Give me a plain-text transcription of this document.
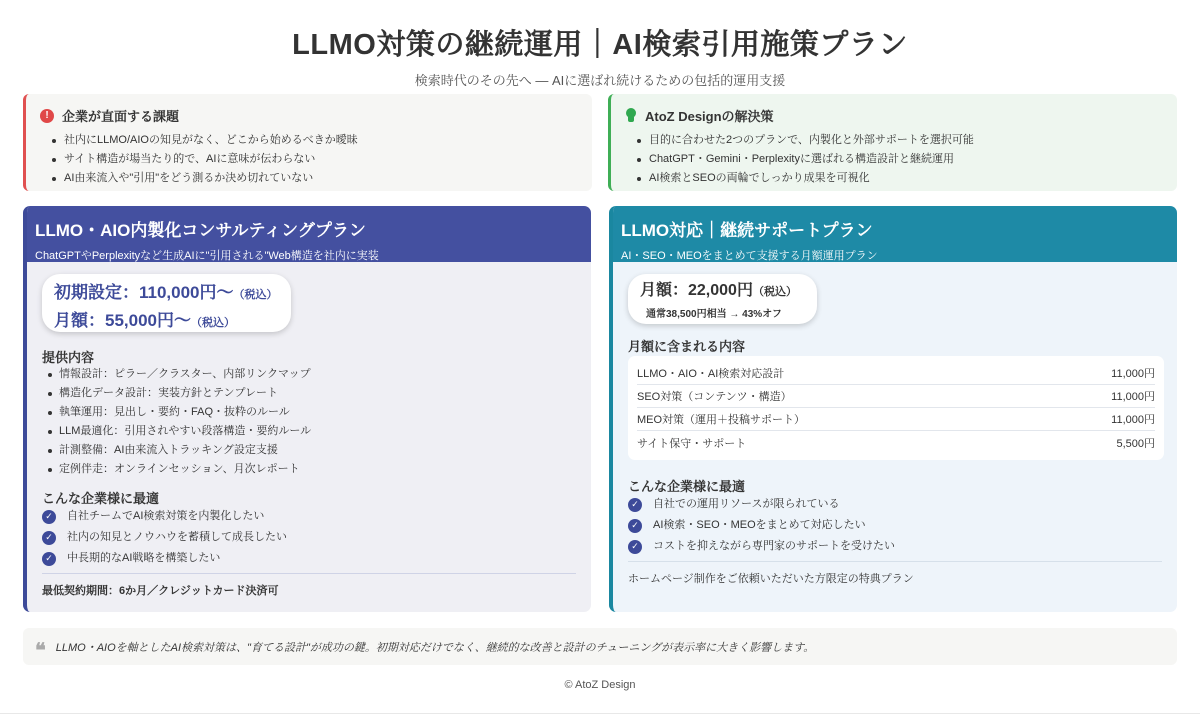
LLMO対策の継続運用｜AI検索引用施策プラン
検索時代のその先へ ― AIに選ばれ続けるための包括的運用支援
!	企業が直面する課題
社内にLLMO/AIOの知見がなく、どこから始めるべきか曖昧
サイト構造が場当たり的で、AIに意味が伝わらない
AI由来流入や"引用"をどう測るか決め切れていない
AtoZ Designの解決策
目的に合わせた2つのプランで、内製化と外部サポートを選択可能
ChatGPT・Gemini・Perplexityに選ばれる構造設計と継続運用
AI検索とSEOの両輪でしっかり成果を可視化
LLMO・AIO内製化コンサルティングプラン
ChatGPTやPerplexityなど生成AIに"引用される"Web構造を社内に実装
初期設定：110,000円〜（税込）
月額：55,000円〜（税込）
提供内容
情報設計：ピラー／クラスター、内部リンクマップ
構造化データ設計：実装方針とテンプレート
執筆運用：見出し・要約・FAQ・抜粋のルール
LLM最適化：引用されやすい段落構造・要約ルール
計測整備：AI由来流入トラッキング設定支援
定例伴走：オンラインセッション、月次レポート
こんな企業様に最適
✓ 自社チームでAI検索対策を内製化したい
✓ 社内の知見とノウハウを蓄積して成長したい
✓ 中長期的なAI戦略を構築したい
最低契約期間：6か月／クレジットカード決済可
LLMO対応｜継続サポートプラン
AI・SEO・MEOをまとめて支援する月額運用プラン
月額：22,000円（税込）
通常38,500円相当 → 43%オフ
月額に含まれる内容
LLMO・AIO・AI検索対応設計	11,000円
SEO対策（コンテンツ・構造）	11,000円
MEO対策（運用＋投稿サポート）	11,000円
サイト保守・サポート	5,500円
こんな企業様に最適
✓ 自社での運用リソースが限られている
✓ AI検索・SEO・MEOをまとめて対応したい
✓ コストを抑えながら専門家のサポートを受けたい
ホームページ制作をご依頼いただいた方限定の特典プラン
❝ LLMO・AIOを軸としたAI検索対策は、"育てる設計"が成功の鍵。初期対応だけでなく、継続的な改善と設計のチューニングが表示率に大きく影響します。
© AtoZ Design
